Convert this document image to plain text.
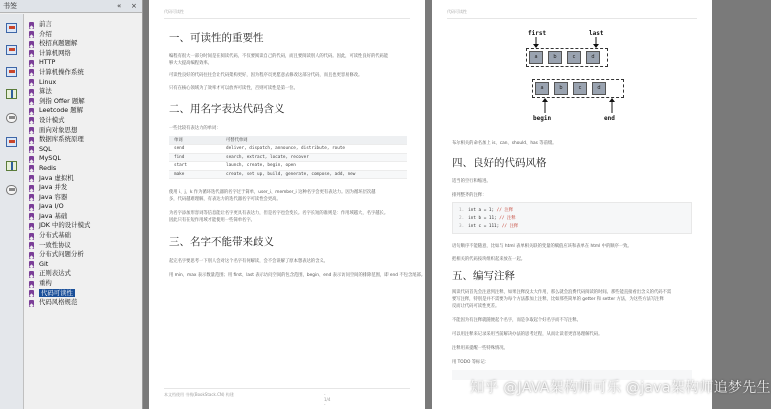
书签	« ×
前言
介绍
校招真题题解
计算机网络
HTTP
计算机操作系统
Linux
算法
剑指 Offer 题解
Leetcode 题解
设计模式
面向对象思想
数据库系统原理
SQL
MySQL
Redis
Java 虚拟机
Java 并发
Java 容器
Java I/O
Java 基础
JDK 中的设计模式
分布式基础
一致性协议
分布式问题分析
Git
正则表达式
重构
代码可读性
代码风格规范
代码可读性
一、可读性的重要性
编程有很大一部分时间是在阅读代码，不仅要阅读自己的代码，而且要阅读别人的代码。因此，可读性良好的代码能
够大大提高编程效率。
可读性良好的代码往往会让代码架构更好，因为程序员更愿意去修改这部分代码，而且也更容易修改。
只有在核心领域为了效率才可以放弃可读性，否则可读性是第一位。
二、用名字表达代码含义
一些比较有表达力的单词：
单词	可替代单词
send	deliver, dispatch, announce, distribute, route
find	search, extract, locate, recover
start	launch, create, begin, open
make	create, set up, build, generate, compose, add, new
使用 i、j、k 作为循环迭代器的名字过于简单，user_i、member_i 这种名字会更有表达力。因为循环层次越
多，代码越难理解，有表达力的迭代器名字可读性会更高。
为名字添加形容词等信息能让名字更具有表达力，但是名字也会变长。名字长短的准则是：作用域越大，名字越长。
因此只有在短作用域才能使用一些简单名字。
三、名字不能带来歧义
起完名字要思考一下别人会对这个名字有何解读，会不会误解了原本想表达的含义。
用 min、max 表示数量范围；用 first、last 表示访问空间的包含范围，begin、end 表示访问空间的排除范围，即 end 不包含尾部。
本文档使用 书栈(BookStack.CN) 构建	- 1/4 -
代码可读性
first	last
a	b	c	d
a	b	c	d
begin	end
布尔相关的命名加上 is、can、should、has 等前缀。
四、良好的代码风格
适当的空行和缩进。
排列整齐的注释：
1. int a = 1; // 注释
2. int b = 11; // 注释
3. int c = 111; // 注释
语句顺序不能随意，比如与 html 表单相关联的变量的赋值应该和表单在 html 中的顺序一致。
把相关的代码按块组织起来放在一起。
五、编写注释
阅读代码首先会注意到注释，如果注释没太大作用，那么就会浪费代码阅读的时间。那些能直接看出含义的代码不需
要写注释，特别是并不需要为每个方法都加上注释，比如那些简单的 getter 和 setter 方法，为这些方法写注释
反而让代码可读性更差。
不能因为有注释就随便起个名字，而是争取起个好名字而不写注释。
可以用注释来记录采用当前解决办法的思考过程，从而让读者更容易理解代码。
注释用来提醒一些特殊情况。
用 TODO 等标记：
知乎 @JAVA架构师可乐 @java架构师追梦先生
